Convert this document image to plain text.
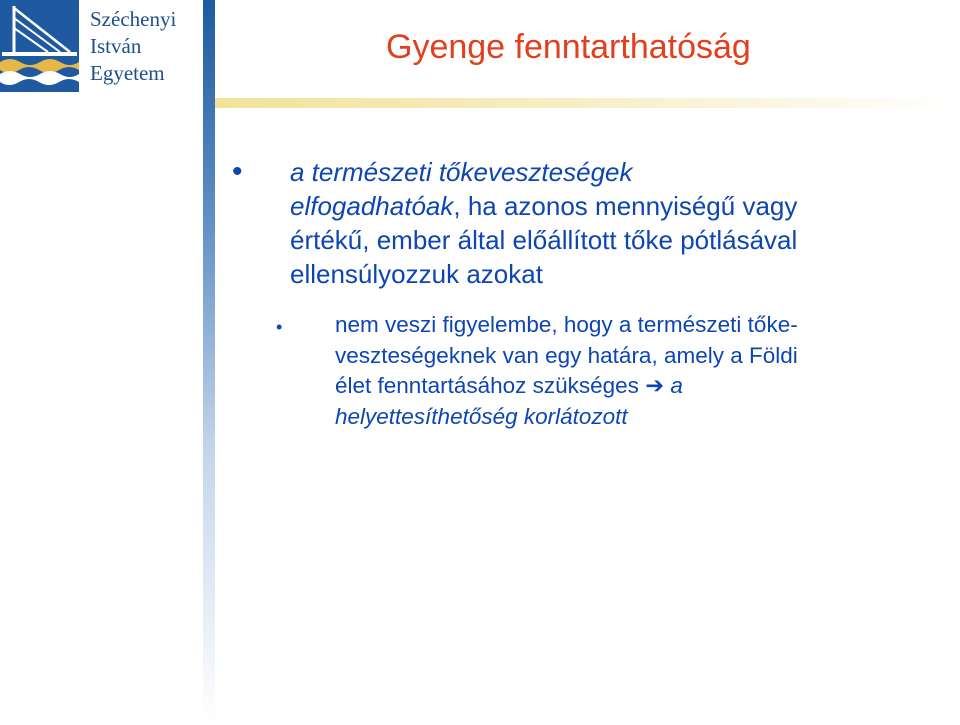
Széchenyi
István
Egyetem
Gyenge fenntarthatóság
• a természeti tőkeveszteségek
elfogadhatóak, ha azonos mennyiségű vagy
értékű, ember által előállított tőke pótlásával
ellensúlyozzuk azokat

• nem veszi figyelembe, hogy a természeti tőke-
veszteségeknek van egy határa, amely a Földi
élet fenntartásához szükséges ➔ a
helyettesíthetőség korlátozott
